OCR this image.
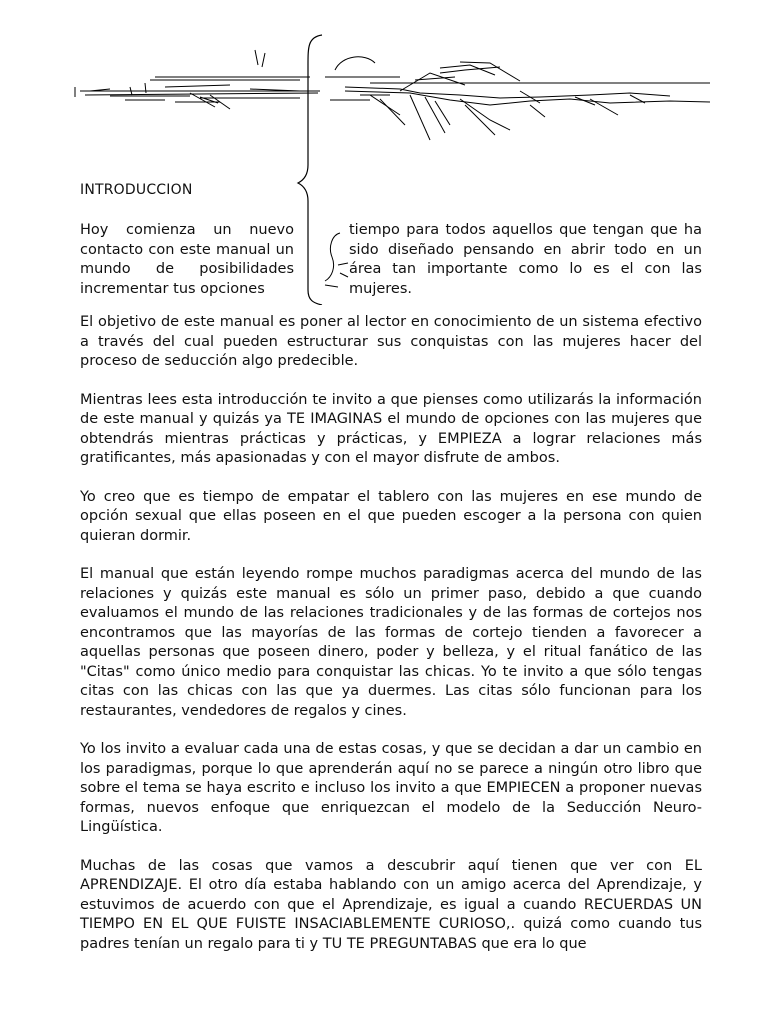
INTRODUCCION

Hoy comienza un nuevo contacto con este manual un mundo de posibilidades incrementar tus opciones

tiempo para todos aquellos que tengan que ha sido diseñado pensando en abrir todo en un área tan importante como lo es el con las mujeres.

El objetivo de este manual es poner al lector en conocimiento de un sistema efectivo a través del cual pueden estructurar sus conquistas con las mujeres hacer del proceso de seducción algo predecible.

Mientras lees esta introducción te invito a que pienses como utilizarás la información de este manual y quizás ya TE IMAGINAS el mundo de opciones con las mujeres que obtendrás mientras prácticas y prácticas, y EMPIEZA a lograr relaciones más gratificantes, más apasionadas y con el mayor disfrute de ambos.

Yo creo que es tiempo de empatar el tablero con las mujeres en ese mundo de opción sexual que ellas poseen en el que pueden escoger a la persona con quien quieran dormir.

El manual que están leyendo rompe muchos paradigmas acerca del mundo de las relaciones y quizás este manual es sólo un primer paso, debido a que cuando evaluamos el mundo de las relaciones tradicionales y de las formas de cortejos nos encontramos que las mayorías de las formas de cortejo tienden a favorecer a aquellas personas que poseen dinero, poder y belleza, y el ritual fanático de las "Citas" como único medio para conquistar las chicas. Yo te invito a que sólo tengas citas con las chicas con las que ya duermes. Las citas sólo funcionan para los restaurantes, vendedores de regalos y cines.

Yo los invito a evaluar cada una de estas cosas, y que se decidan a dar un cambio en los paradigmas, porque lo que aprenderán aquí no se parece a ningún otro libro que sobre el tema se haya escrito e incluso los invito a que EMPIECEN a proponer nuevas formas, nuevos enfoque que enriquezcan el modelo de la Seducción Neuro-Lingüística.

Muchas de las cosas que vamos a descubrir aquí tienen que ver con EL APRENDIZAJE. El otro día estaba hablando con un amigo acerca del Aprendizaje, y estuvimos de acuerdo con que el Aprendizaje, es igual a cuando RECUERDAS UN TIEMPO EN EL QUE FUISTE INSACIABLEMENTE CURIOSO,. quizá como cuando tus padres tenían un regalo para ti y TU TE PREGUNTABAS que era lo que
